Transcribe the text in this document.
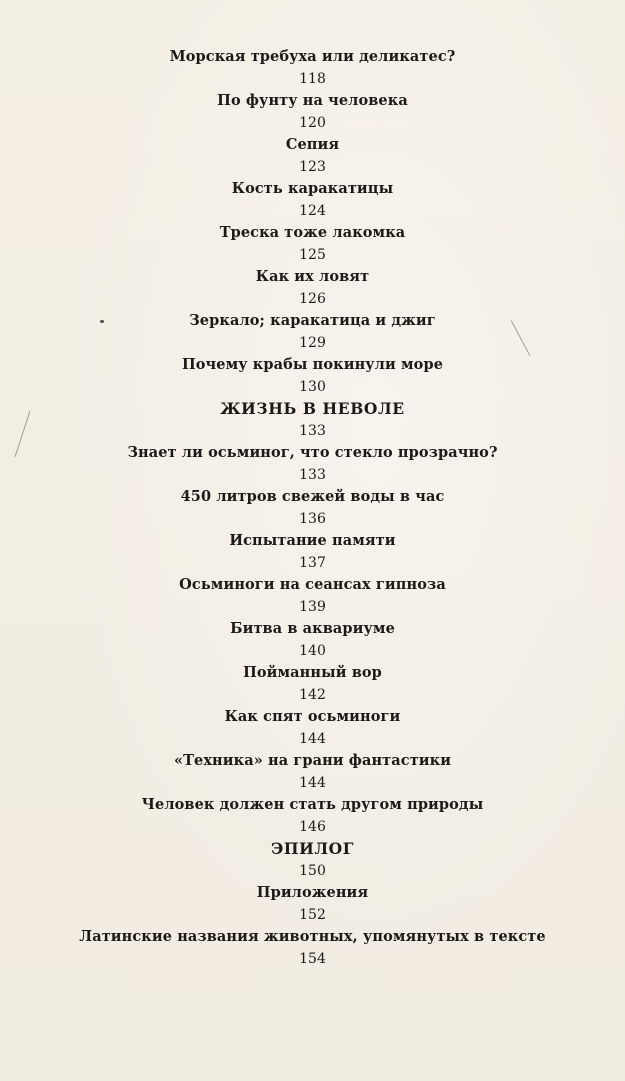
Морская требуха или деликатес?
118
По фунту на человека
120
Сепия
123
Кость каракатицы
124
Треска тоже лакомка
125
Как их ловят
126
Зеркало; каракатица и джиг
129
Почему крабы покинули море
130
ЖИЗНЬ В НЕВОЛЕ
133
Знает ли осьминог, что стекло прозрачно?
133
450 литров свежей воды в час
136
Испытание памяти
137
Осьминоги на сеансах гипноза
139
Битва в аквариуме
140
Пойманный вор
142
Как спят осьминоги
144
«Техника» на грани фантастики
144
Человек должен стать другом природы
146
ЭПИЛОГ
150
Приложения
152
Латинские названия животных, упомянутых в тексте
154
